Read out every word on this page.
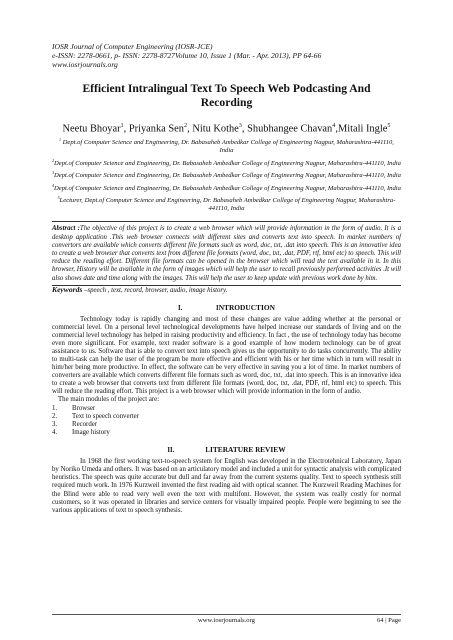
IOSR Journal of Computer Engineering (IOSR-JCE)
e-ISSN: 2278-0661, p- ISSN: 2278-8727Volume 10, Issue 1 (Mar. - Apr. 2013), PP 64-66
www.iosrjournals.org
Efficient Intralingual Text To Speech Web Podcasting And Recording
Neetu Bhoyar$^1$, Priyanka Sen$^2$, Nitu Kothe$^3$, Shubhangee Chavan$^4$,Mitali Ingle$^5$
$^1$ Dept.of Computer Science and Engineering, Dr. Babasaheb Ambedkar College of Engineering Nagpur, Maharashtra-441110, India
$^2$Dept.of Computer Science and Engineering, Dr. Babasaheb Ambedkar College of Engineering Nagpur, Maharashtra-441110, India
$^3$Dept.of Computer Science and Engineering, Dr. Babasaheb Ambedkar College of Engineering Nagpur, Maharashtra-441110, India
$^4$Dept.of Computer Science and Engineering, Dr. Babasaheb Ambedkar College of Engineering Nagpur, Maharashtra-441110, India
$^5$Lecturer, Dept.of Computer Science and Engineering, Dr. Babasaheb Ambedkar College of Engineering Nagpur, Maharashtra-441110, India
Abstract :The objective of this project is to create a web browser which will provide information in the form of audio. It is a desktop application .This web browser connects with different sites and converts text into speech. In market numbers of convertors are available which converts different file formats such as word, doc, txt, .dat into speech. This is an innovative idea to create a web browser that converts text from different file formats (word, doc, txt, .dat, PDF, rtf, html etc) to speech. This will reduce the reading effort. Different file formats can be opened in the browser which will read the text available in it. In this browser, History will be available in the form of images which will help the user to recall previously performed activities .It will also shows date and time along with the images. This will help the user to keep update with previous work done by him.
Keywords –speech , text, record, browser, audio, image history.
I.	INTRODUCTION

Technology today is rapidly changing and most of these changes are value adding whether at the personal or commercial level. On a personal level technological developments have helped increase our standards of living and on the commercial level technology has helped in raising productivity and efficiency. In fact , the use of technology today has become even more significant. For example, text reader software is a good example of how modern technology can be of great assistance to us. Software that is able to convert text into speech gives us the opportunity to do tasks concurrently. The ability to multi-task can help the user of the program be more effective and efficient with his or her time which in turn will result in him/her being more productive. In effect, the software can be very effective in saving you a lot of time. In market numbers of converters are available which converts different file formats such as word, doc, txt, .dat into speech. This is an innovative idea to create a web browser that converts text from different file formats (word, doc, txt, .dat, PDF, rtf, html etc) to speech. This will reduce the reading effort. This project is a web browser which will provide information in the form of audio.

The main modules of the project are:
1.	Browser
2.	Text to speech converter
3.	Recorder
4.	Image history
II.	LITERATURE REVIEW

In 1968 the first working text-to-speech system for English was developed in the Electrotehnical Laboratory, Japan by Noriko Umeda and others. It was based on an articulatory model and included a unit for syntactic analysis with complicated heuristics. The speech was quite accurate but dull and far away from the current systems quality. Text to speech synthesis still required much work. In 1976 Kurzweil invented the first reading aid with optical scanner. The Kurzweil Reading Machines for the Blind were able to read very well even the text with multifont. However, the system was really costly for normal customers, so it was operated in libraries and service centers for visually impaired people. People were beginning to see the various applications of text to speech synthesis.

www.iosrjournals.org	64 | Page
